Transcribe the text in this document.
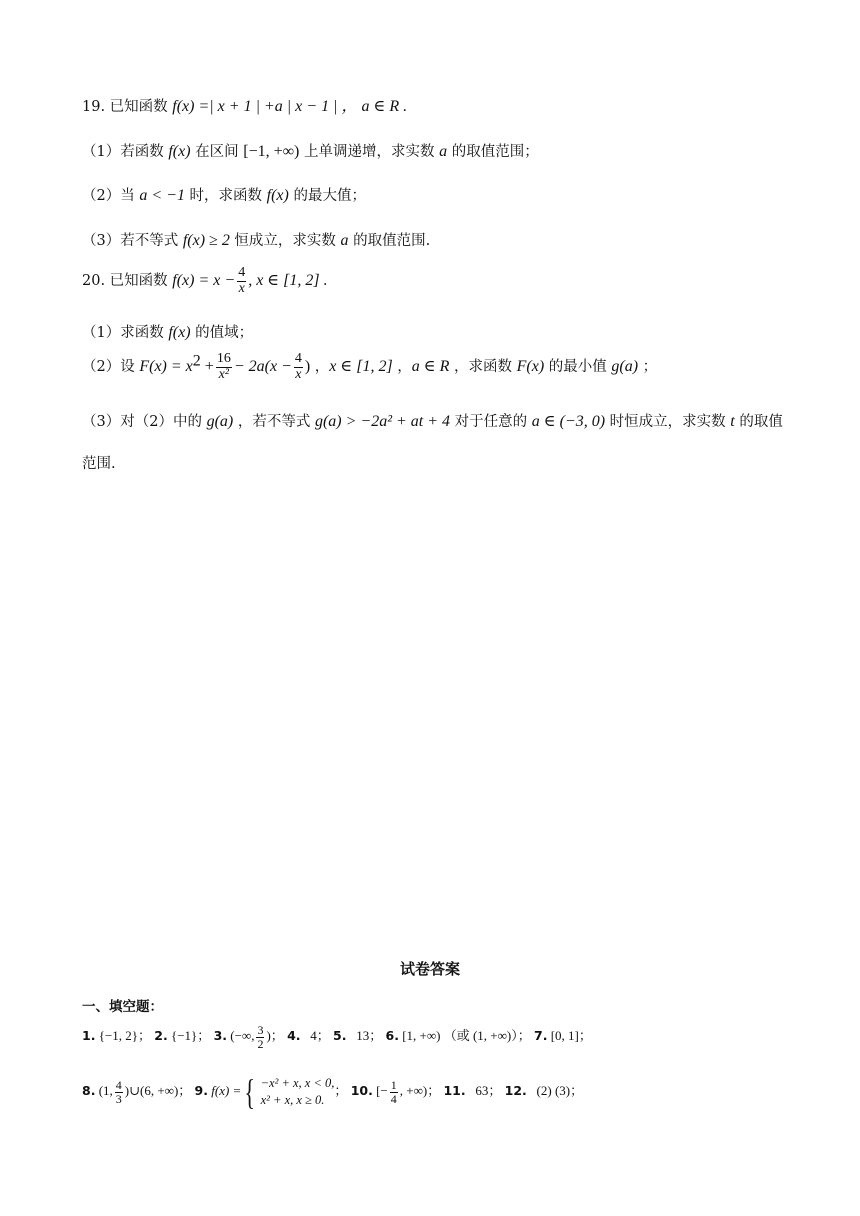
19. 已知函数 f(x) =| x + 1 | +a | x − 1 | ， a ∈ R .
（1）若函数 f(x) 在区间 [−1, +∞) 上单调递增，求实数 a 的取值范围；
（2）当 a < −1 时，求函数 f(x) 的最大值；
（3）若不等式 f(x) ≥ 2 恒成立，求实数 a 的取值范围.
20. 已知函数 $f(x) = x - \frac{4}{x}$ , x ∈ [1, 2] .
（1）求函数 f(x) 的值域；
（2）设 $F(x) = x^2 + \frac{16}{\text{x²}} - 2a(x - \frac{4}{x}$ ) ，x ∈ [1, 2] ，a ∈ R ，求函数 F(x) 的最小值 g(a) ；
（3）对（2）中的 g(a) ，若不等式 g(a) > −2a² + at + 4 对于任意的 a ∈ (−3, 0) 时恒成立，求实数 t 的取值
范围.
试卷答案
一、填空题：
1. {−1, 2}； 2. {−1}； 3. (−∞, $\frac{3}{2}$ )； 4. 4； 5. 13； 6. [1, +∞) （或 (1, +∞)）； 7. [0, 1]；
8. (1, $\frac{4}{3}$ )∪(6, +∞)； 9. f(x) = { −x² + x, x < 0,
x² + x, x ≥ 0.
； 10. [− $\frac{1}{4}$ , +∞)； 11. 63； 12. (2) (3)；
